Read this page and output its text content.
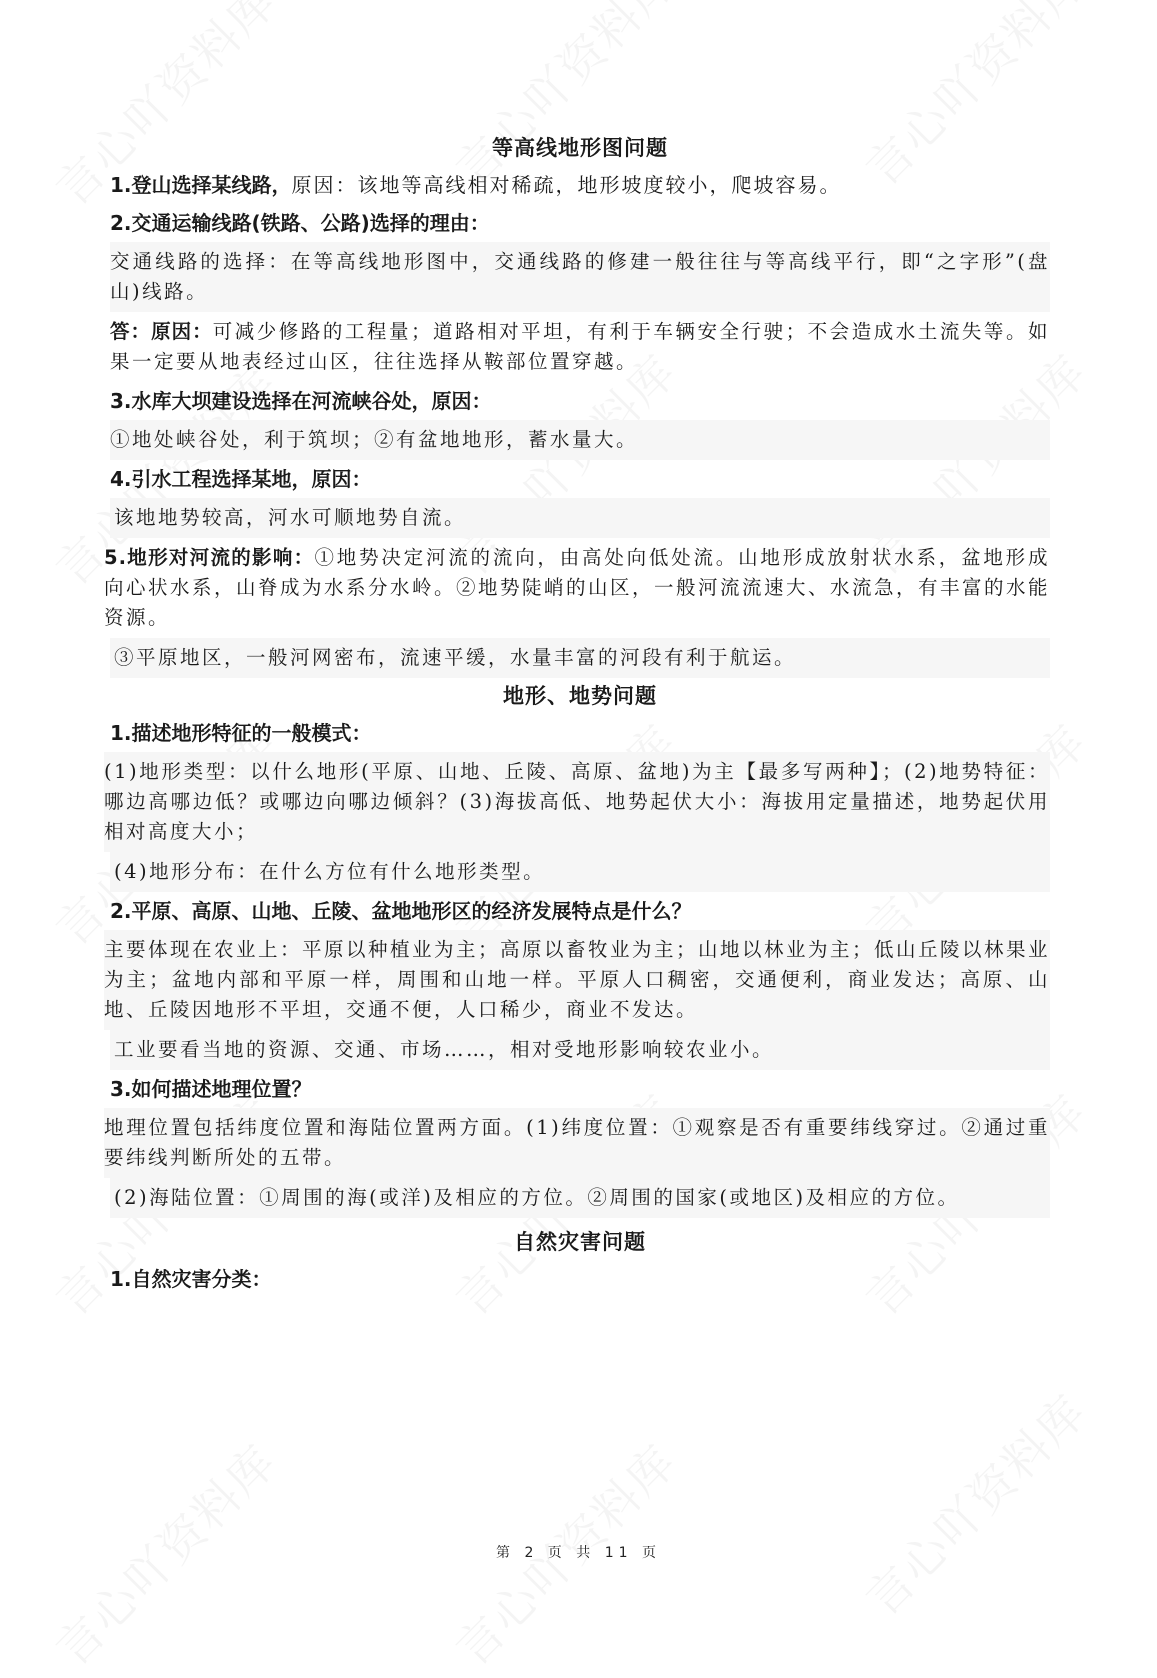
等高线地形图问题

1.登山选择某线路，原因：该地等高线相对稀疏，地形坡度较小，爬坡容易。

2.交通运输线路(铁路、公路)选择的理由：

交通线路的选择：在等高线地形图中，交通线路的修建一般往往与等高线平行，即“之字形”(盘山)线路。

答：原因：可减少修路的工程量；道路相对平坦，有利于车辆安全行驶；不会造成水土流失等。如果一定要从地表经过山区，往往选择从鞍部位置穿越。

3.水库大坝建设选择在河流峡谷处，原因：

①地处峡谷处，利于筑坝；②有盆地地形，蓄水量大。

4.引水工程选择某地，原因：

该地地势较高，河水可顺地势自流。

5.地形对河流的影响：①地势决定河流的流向，由高处向低处流。山地形成放射状水系，盆地形成向心状水系，山脊成为水系分水岭。②地势陡峭的山区，一般河流流速大、水流急，有丰富的水能资源。

③平原地区，一般河网密布，流速平缓，水量丰富的河段有利于航运。

地形、地势问题

1.描述地形特征的一般模式：

(1)地形类型：以什么地形(平原、山地、丘陵、高原、盆地)为主【最多写两种】；(2)地势特征：哪边高哪边低？或哪边向哪边倾斜？(3)海拔高低、地势起伏大小：海拔用定量描述，地势起伏用相对高度大小；

(4)地形分布：在什么方位有什么地形类型。

2.平原、高原、山地、丘陵、盆地地形区的经济发展特点是什么？

主要体现在农业上：平原以种植业为主；高原以畜牧业为主；山地以林业为主；低山丘陵以林果业为主；盆地内部和平原一样，周围和山地一样。平原人口稠密，交通便利，商业发达；高原、山地、丘陵因地形不平坦，交通不便，人口稀少，商业不发达。

工业要看当地的资源、交通、市场……，相对受地形影响较农业小。

3.如何描述地理位置？

地理位置包括纬度位置和海陆位置两方面。(1)纬度位置：①观察是否有重要纬线穿过。②通过重要纬线判断所处的五带。

(2)海陆位置：①周围的海(或洋)及相应的方位。②周围的国家(或地区)及相应的方位。

自然灾害问题

1.自然灾害分类：

第 2 页 共 11 页
